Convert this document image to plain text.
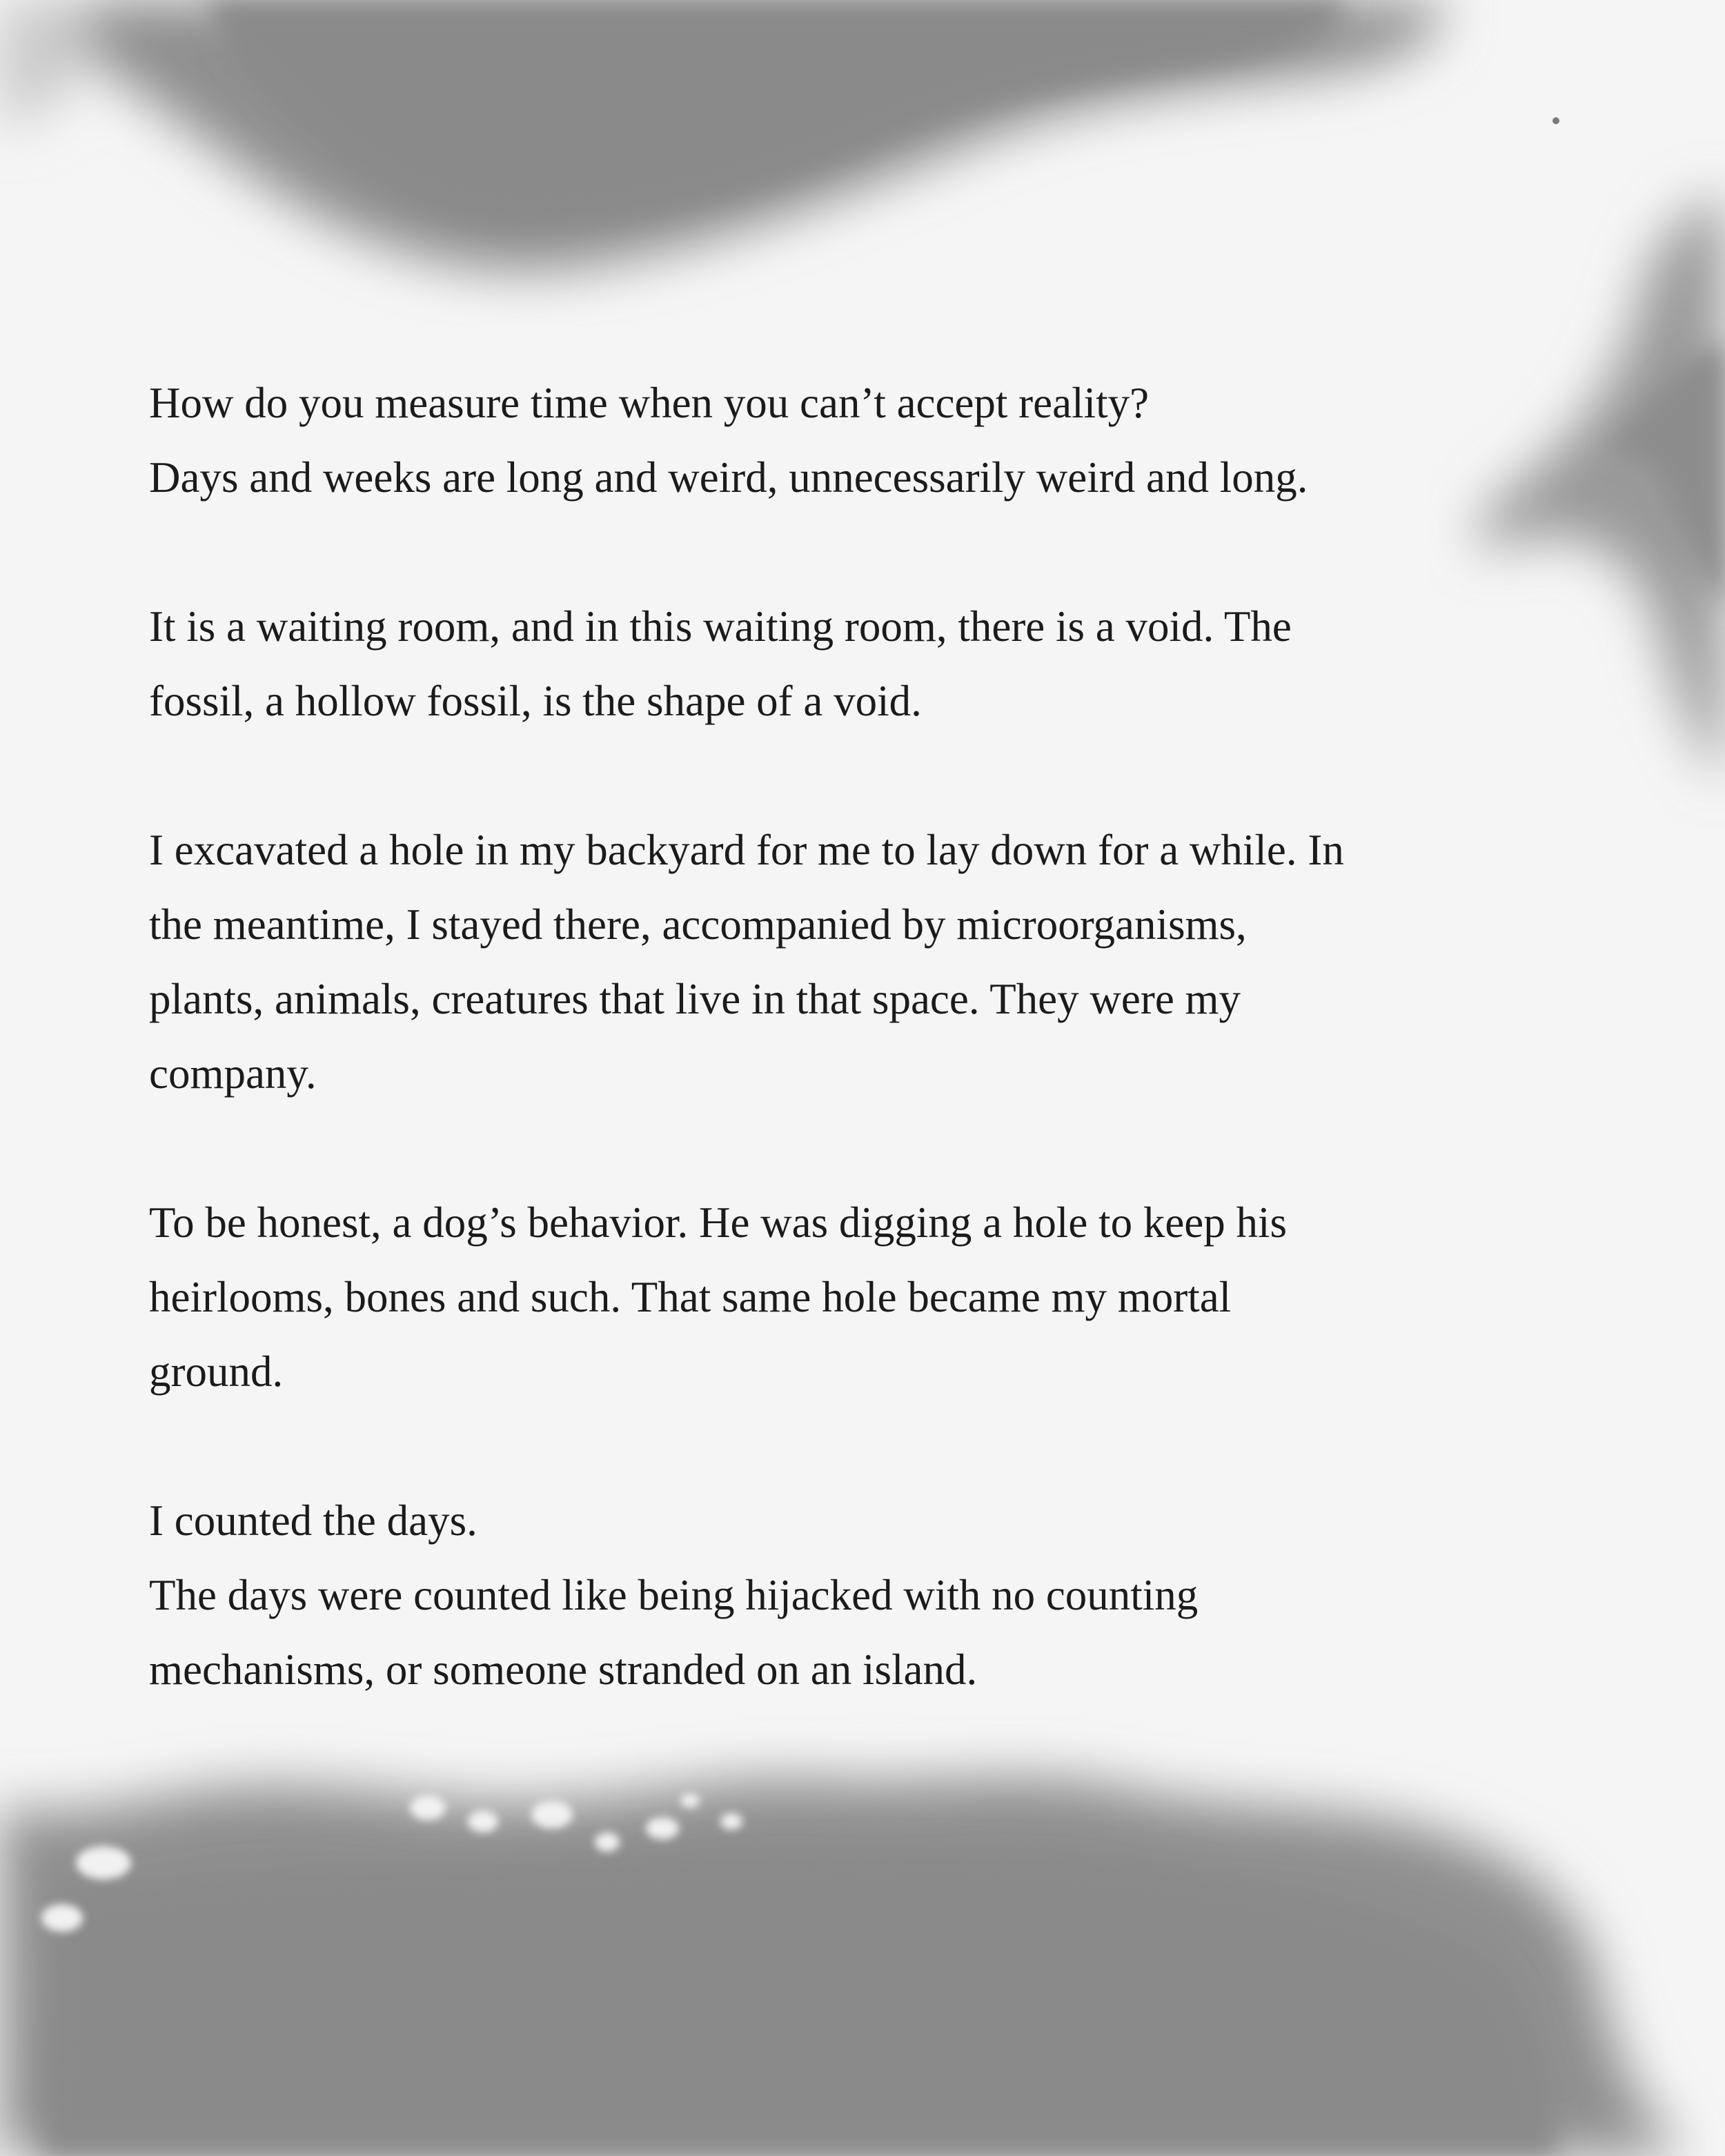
How do you measure time when you can’t accept reality?
Days and weeks are long and weird, unnecessarily weird and long.

It is a waiting room, and in this waiting room, there is a void. The
fossil, a hollow fossil, is the shape of a void.

I excavated a hole in my backyard for me to lay down for a while. In
the meantime, I stayed there, accompanied by microorganisms,
plants, animals, creatures that live in that space. They were my
company.

To be honest, a dog’s behavior. He was digging a hole to keep his
heirlooms, bones and such. That same hole became my mortal
ground.

I counted the days.
The days were counted like being hijacked with no counting
mechanisms, or someone stranded on an island.
